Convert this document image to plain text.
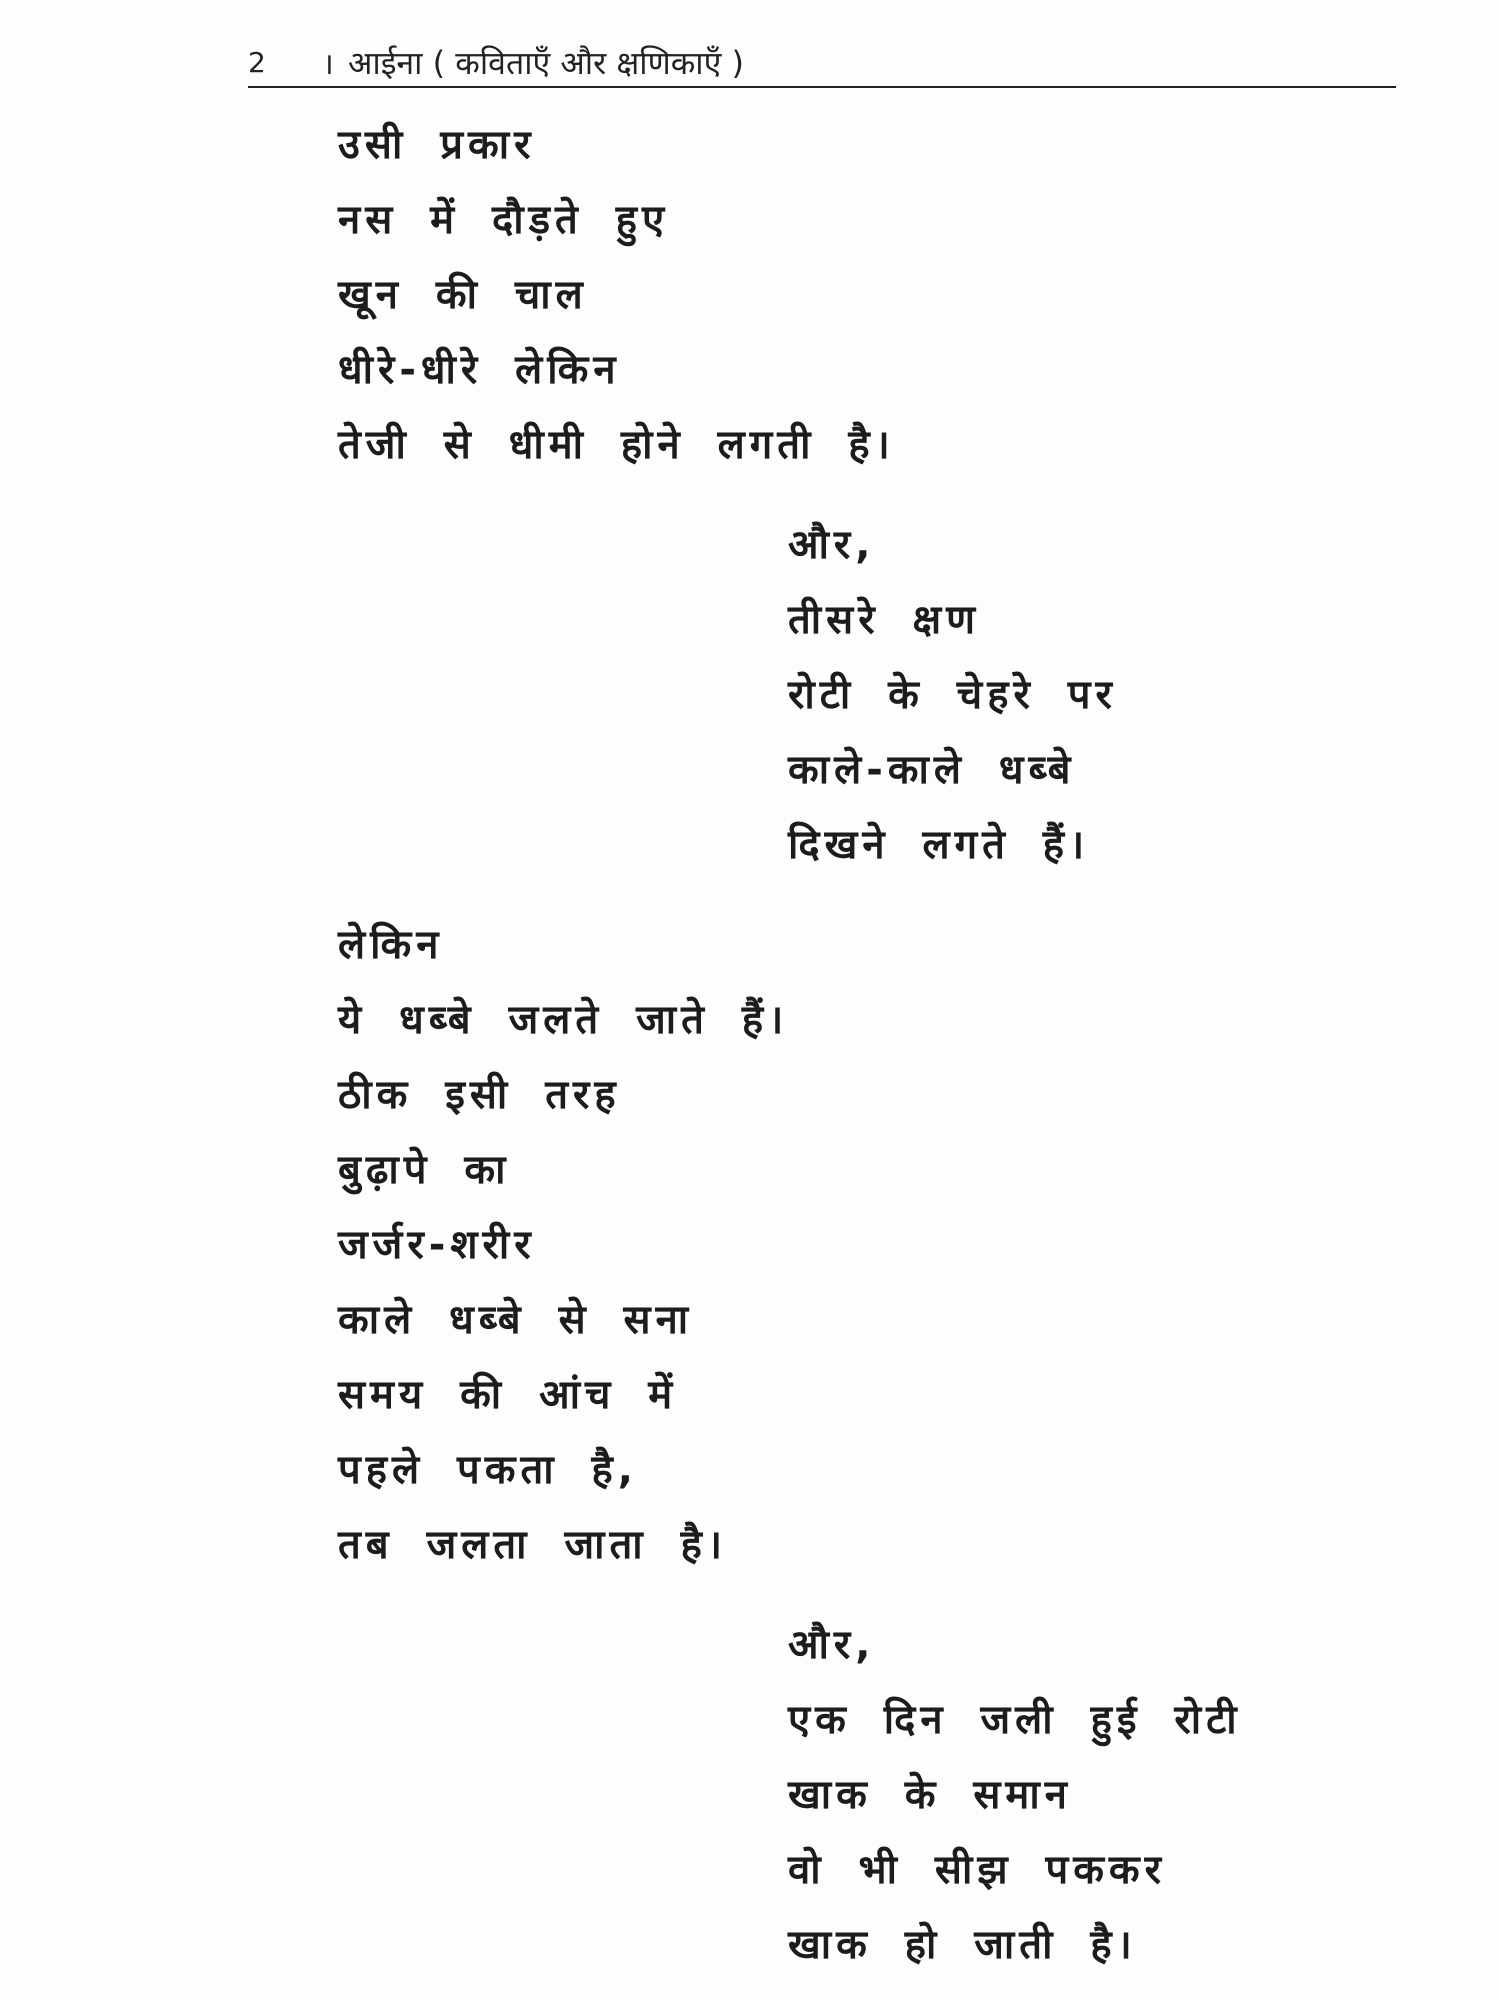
2	। आईना ( कविताएँ और क्षणिकाएँ )
उसी प्रकार
नस में दौड़ते हुए
खून की चाल
धीरे-धीरे लेकिन
तेजी से धीमी होने लगती है।
और,
तीसरे क्षण
रोटी के चेहरे पर
काले-काले धब्बे
दिखने लगते हैं।
लेकिन
ये धब्बे जलते जाते हैं।
ठीक इसी तरह
बुढ़ापे का
जर्जर-शरीर
काले धब्बे से सना
समय की आंच में
पहले पकता है,
तब जलता जाता है।
और,
एक दिन जली हुई रोटी
खाक के समान
वो भी सीझ पककर
खाक हो जाती है।
